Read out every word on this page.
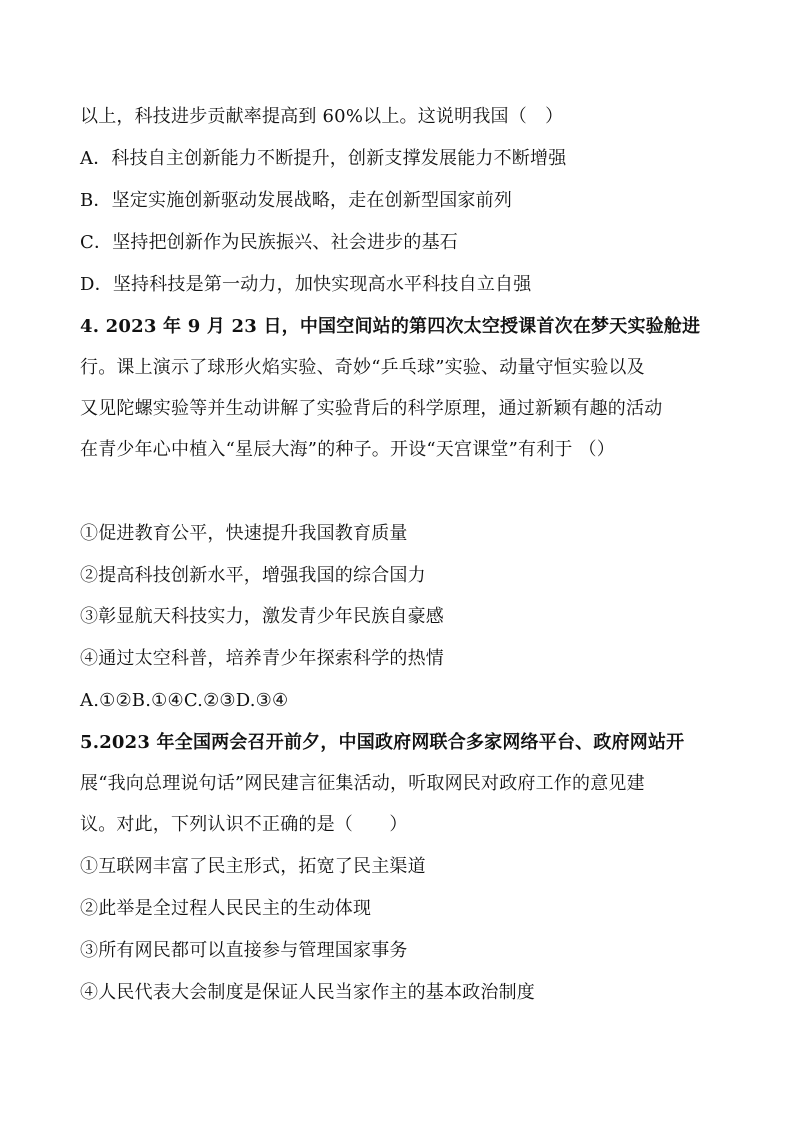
以上，科技进步贡献率提高到 60%以上。这说明我国（　）
A．科技自主创新能力不断提升，创新支撑发展能力不断增强
B．坚定实施创新驱动发展战略，走在创新型国家前列
C．坚持把创新作为民族振兴、社会进步的基石
D．坚持科技是第一动力，加快实现高水平科技自立自强
4. 2023 年 9 月 23 日，中国空间站的第四次太空授课首次在梦天实验舱进
行。课上演示了球形火焰实验、奇妙“乒乓球”实验、动量守恒实验以及
又见陀螺实验等并生动讲解了实验背后的科学原理，通过新颖有趣的活动
在青少年心中植入“星辰大海”的种子。开设“天宫课堂”有利于 （）
①促进教育公平，快速提升我国教育质量
②提高科技创新水平，增强我国的综合国力
③彰显航天科技实力，激发青少年民族自豪感
④通过太空科普，培养青少年探索科学的热情
A.①②B.①④C.②③D.③④
5.2023 年全国两会召开前夕，中国政府网联合多家网络平台、政府网站开
展“我向总理说句话”网民建言征集活动，听取网民对政府工作的意见建
议。对此，下列认识不正确的是（　　）
①互联网丰富了民主形式，拓宽了民主渠道
②此举是全过程人民民主的生动体现
③所有网民都可以直接参与管理国家事务
④人民代表大会制度是保证人民当家作主的基本政治制度
